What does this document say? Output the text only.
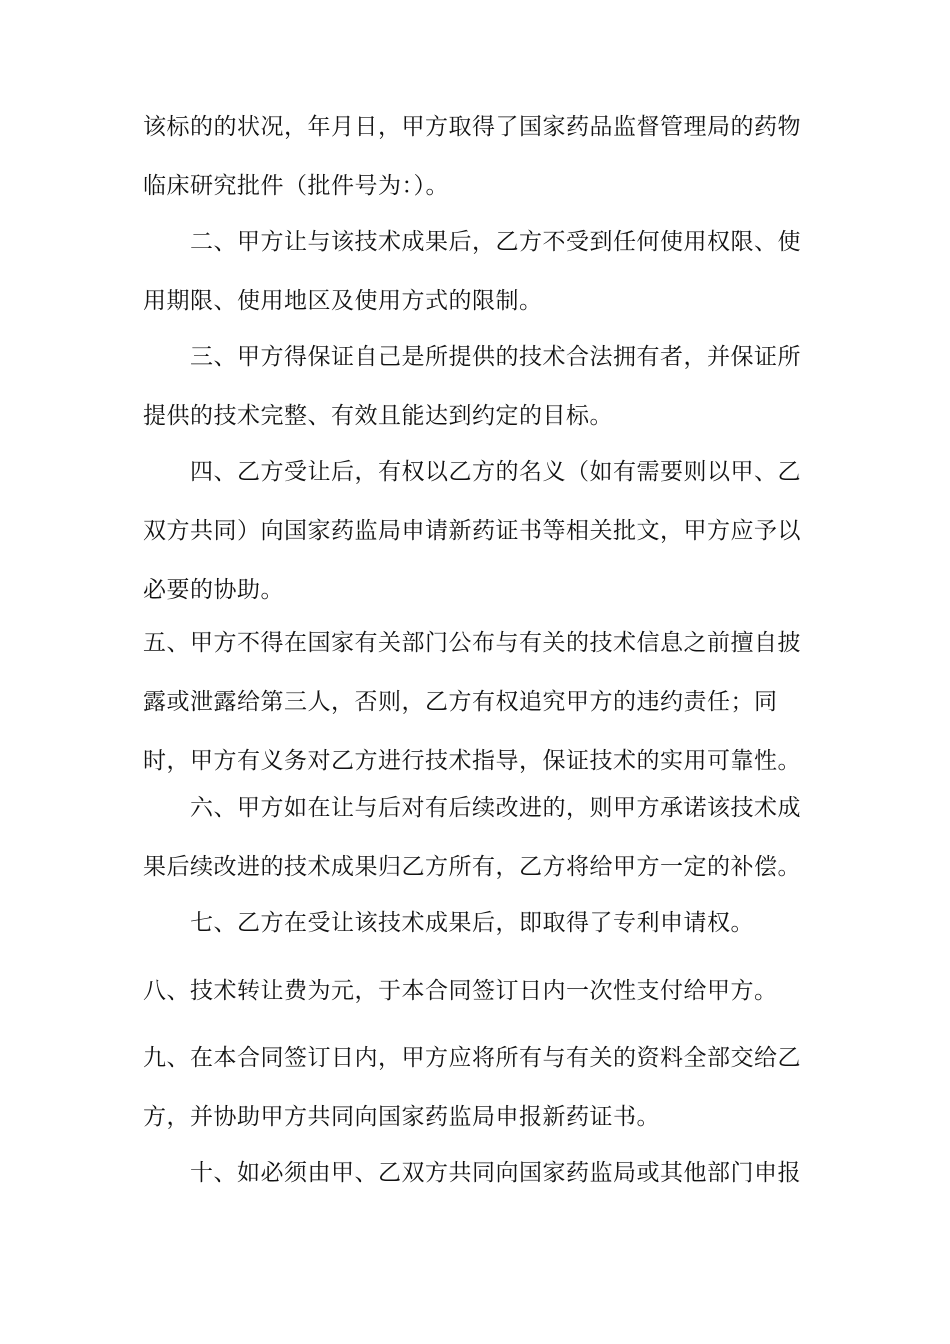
该标的的状况，年月日，甲方取得了国家药品监督管理局的药物临床研究批件（批件号为：）。

二、甲方让与该技术成果后，乙方不受到任何使用权限、使用期限、使用地区及使用方式的限制。

三、甲方得保证自己是所提供的技术合法拥有者，并保证所提供的技术完整、有效且能达到约定的目标。

四、乙方受让后，有权以乙方的名义（如有需要则以甲、乙双方共同）向国家药监局申请新药证书等相关批文，甲方应予以必要的协助。

五、甲方不得在国家有关部门公布与有关的技术信息之前擅自披露或泄露给第三人，否则，乙方有权追究甲方的违约责任；同时，甲方有义务对乙方进行技术指导，保证技术的实用可靠性。

六、甲方如在让与后对有后续改进的，则甲方承诺该技术成果后续改进的技术成果归乙方所有，乙方将给甲方一定的补偿。

七、乙方在受让该技术成果后，即取得了专利申请权。

八、技术转让费为元，于本合同签订日内一次性支付给甲方。

九、在本合同签订日内，甲方应将所有与有关的资料全部交给乙方，并协助甲方共同向国家药监局申报新药证书。

十、如必须由甲、乙双方共同向国家药监局或其他部门申报
